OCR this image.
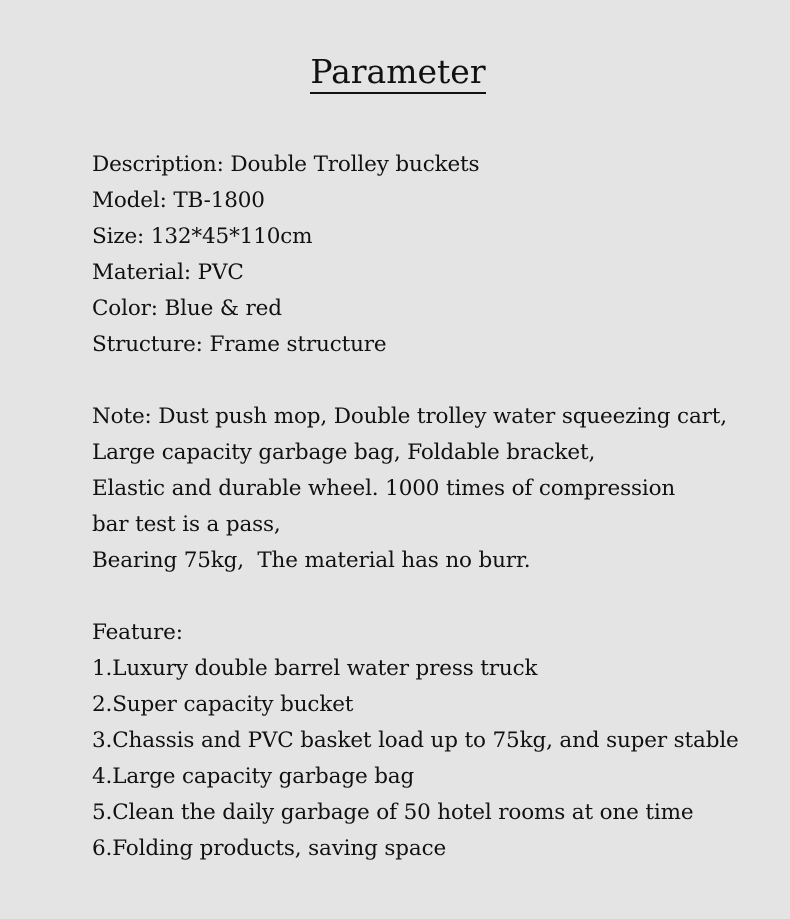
Parameter
Description: Double Trolley buckets
Model: TB-1800
Size: 132*45*110cm
Material: PVC
Color: Blue & red
Structure: Frame structure
Note: Dust push mop, Double trolley water squeezing cart,
Large capacity garbage bag, Foldable bracket,
Elastic and durable wheel. 1000 times of compression
bar test is a pass,
Bearing 75kg,  The material has no burr.
Feature:
1.Luxury double barrel water press truck
2.Super capacity bucket
3.Chassis and PVC basket load up to 75kg, and super stable
4.Large capacity garbage bag
5.Clean the daily garbage of 50 hotel rooms at one time
6.Folding products, saving space
